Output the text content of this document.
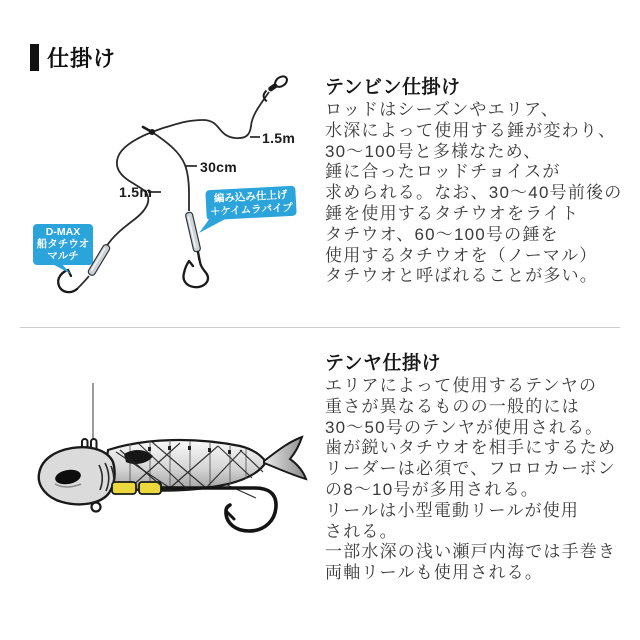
仕掛け
1.5m
30cm
1.5m	編み込み仕上げ
＋ケイムラパイプ
D-MAX
船タチウオ
マルチ
テンビン仕掛け
ロッドはシーズンやエリア、
水深によって使用する錘が変わり、
30〜100号と多様なため、
錘に合ったロッドチョイスが
求められる。なお、30〜40号前後の
錘を使用するタチウオをライト
タチウオ、60〜100号の錘を
使用するタチウオを（ノーマル）
タチウオと呼ばれることが多い。
テンヤ仕掛け
エリアによって使用するテンヤの
重さが異なるものの一般的には
30〜50号のテンヤが使用される。
歯が鋭いタチウオを相手にするため
リーダーは必須で、フロロカーボン
の8〜10号が多用される。
リールは小型電動リールが使用
される。
一部水深の浅い瀬戸内海では手巻き
両軸リールも使用される。
